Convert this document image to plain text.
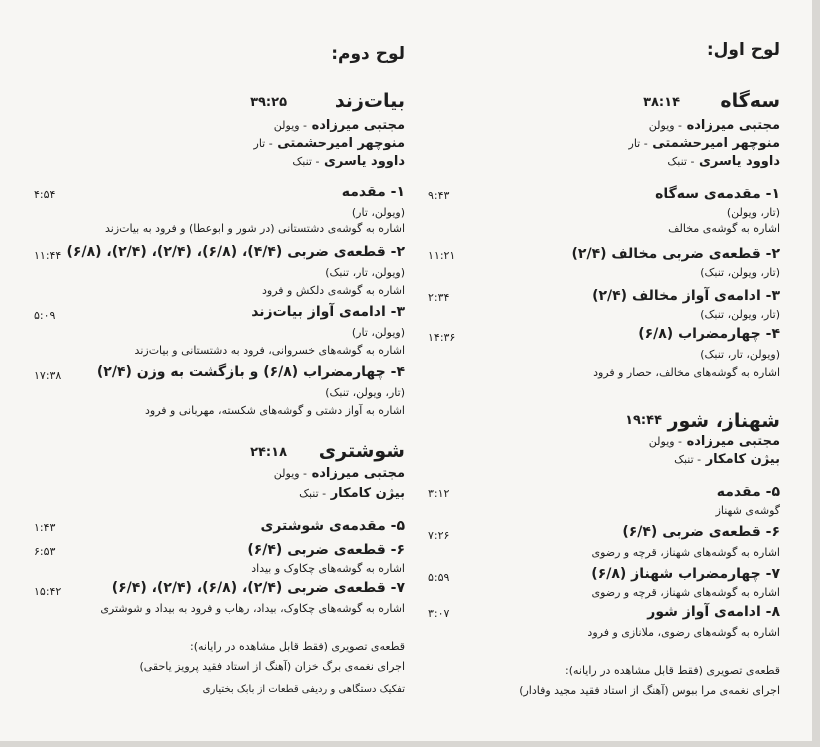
لوح اول:
سه‌گاه
۳۸:۱۴
مجتبی میرزاده - ویولن
منوچهر امیرحشمتی - تار
داوود یاسری - تنبک
۱- مقدمه‌ی سه‌گاه
۹:۴۳
(تار، ویولن)
اشاره به گوشه‌ی مخالف
۲- قطعه‌ی ضربی مخالف (۲/۴)
۱۱:۲۱
(تار، ویولن، تنبک)
۳- ادامه‌ی آواز مخالف (۲/۴)
۲:۳۴
(تار، ویولن، تنبک)
۴- چهارمضراب (۶/۸)
۱۴:۳۶
(ویولن، تار، تنبک)
اشاره به گوشه‌های مخالف، حصار و فرود
شهناز، شور
۱۹:۴۴
مجتبی میرزاده - ویولن
بیژن کامکار - تنبک
۵- مقدمه
۳:۱۲
گوشه‌ی شهناز
۶- قطعه‌ی ضربی (۶/۴)
۷:۲۶
اشاره به گوشه‌های شهناز، قرچه و رضوی
۷- چهارمضراب شهناز (۶/۸)
۵:۵۹
اشاره به گوشه‌های شهناز، قرچه و رضوی
۸- ادامه‌ی آواز شور
۳:۰۷
اشاره به گوشه‌های رضوی، ملانازی و فرود
قطعه‌ی تصویری (فقط قابل مشاهده در رایانه):
اجرای نغمه‌ی مرا ببوس (آهنگ از استاد فقید مجید وفادار)
لوح دوم:
بیات‌زند
۳۹:۲۵
مجتبی میرزاده - ویولن
منوچهر امیرحشمتی - تار
داوود یاسری - تنبک
۱- مقدمه
۴:۵۴
(ویولن، تار)
اشاره به گوشه‌ی دشتستانی (در شور و ابوعطا) و فرود به بیات‌زند
۲- قطعه‌ی ضربی (۴/۴)، (۶/۸)، (۲/۴)، (۲/۴)، (۶/۸)
۱۱:۴۴
(ویولن، تار، تنبک)
اشاره به گوشه‌ی دلکش و فرود
۳- ادامه‌ی آواز بیات‌زند
۵:۰۹
(ویولن، تار)
اشاره به گوشه‌های خسروانی، فرود به دشتستانی و بیات‌زند
۴- چهارمضراب (۶/۸) و بازگشت به وزن (۲/۴)
۱۷:۳۸
(تار، ویولن، تنبک)
اشاره به آواز دشتی و گوشه‌های شکسته، مهربانی و فرود
شوشتری
۲۴:۱۸
مجتبی میرزاده - ویولن
بیژن کامکار - تنبک
۵- مقدمه‌ی شوشتری
۱:۴۳
۶- قطعه‌ی ضربی (۶/۴)
۶:۵۳
اشاره به گوشه‌های چکاوک و بیداد
۷- قطعه‌ی ضربی (۲/۴)، (۶/۸)، (۲/۴)، (۶/۴)
۱۵:۴۲
اشاره به گوشه‌های چکاوک، بیداد، رهاب و فرود به بیداد و شوشتری
قطعه‌ی تصویری (فقط قابل مشاهده در رایانه):
اجرای نغمه‌ی برگ خزان (آهنگ از استاد فقید پرویز یاحقی)
تفکیک دستگاهی و ردیفی قطعات از بابک بختیاری
